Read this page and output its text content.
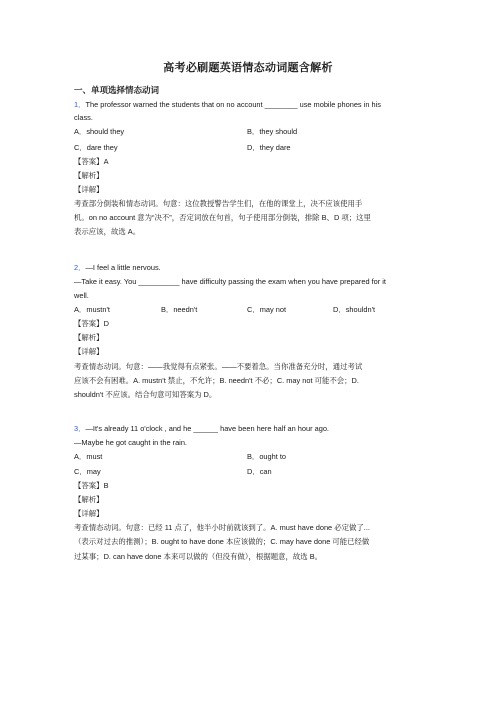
高考必刷题英语情态动词题含解析
一、单项选择情态动词
1．The professor warned the students that on no account ________ use mobile phones in his
class.
A．should they	B．they should
C．dare they	D．they dare
【答案】A
【解析】
【详解】
考查部分倒装和情态动词。句意：这位教授警告学生们，在他的课堂上，决不应该使用手
机。on no account 意为“决不”，否定词放在句首，句子使用部分倒装，排除 B、D 项；这里
表示应该，故选 A。
2．—I feel a little nervous.
—Take it easy. You __________ have difficulty passing the exam when you have prepared for it
well.
A．mustn't	B．needn't	C．may not	D．shouldn't
【答案】D
【解析】
【详解】
考查情态动词。句意：——我觉得有点紧张。——不要着急。当你准备充分时，通过考试
应该不会有困难。A. mustn't 禁止，不允许；B. needn't 不必；C. may not 可能不会；D.
shouldn't 不应该。结合句意可知答案为 D。
3．—It's already 11 o'clock , and he ______ have been here half an hour ago.
—Maybe he got caught in the rain.
A．must	B．ought to
C．may	D．can
【答案】B
【解析】
【详解】
考查情态动词。句意：已经 11 点了，他半小时前就该到了。A. must have done 必定做了...
（表示对过去的推测）；B. ought to have done 本应该做的；C. may have done 可能已经做
过某事；D. can have done 本来可以做的（但没有做），根据题意，故选 B。
